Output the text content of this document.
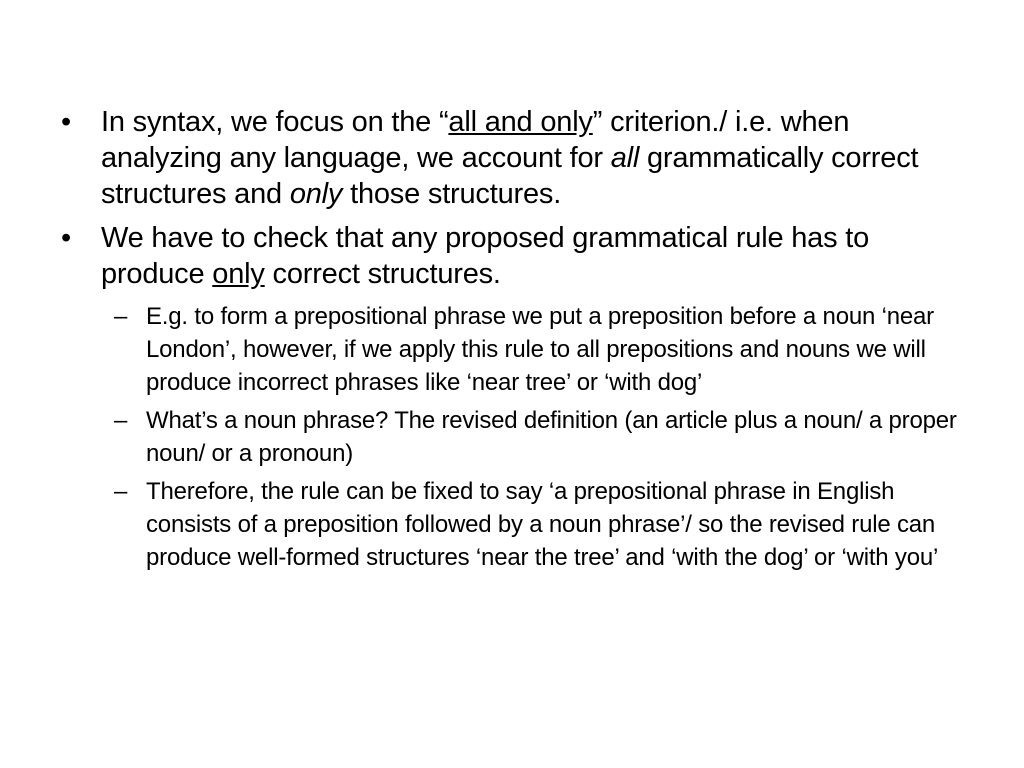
• In syntax, we focus on the “all and only” criterion./ i.e. when analyzing any language, we account for all grammatically correct structures and only those structures.
• We have to check that any proposed grammatical rule has to produce only correct structures.
– E.g. to form a prepositional phrase we put a preposition before a noun ‘near London’, however, if we apply this rule to all prepositions and nouns we will produce incorrect phrases like ‘near tree’ or ‘with dog’
– What’s a noun phrase? The revised definition (an article plus a noun/ a proper noun/ or a pronoun)
– Therefore, the rule can be fixed to say ‘a prepositional phrase in English consists of a preposition followed by a noun phrase’/ so the revised rule can produce well-formed structures ‘near the tree’ and ‘with the dog’ or ‘with you’
